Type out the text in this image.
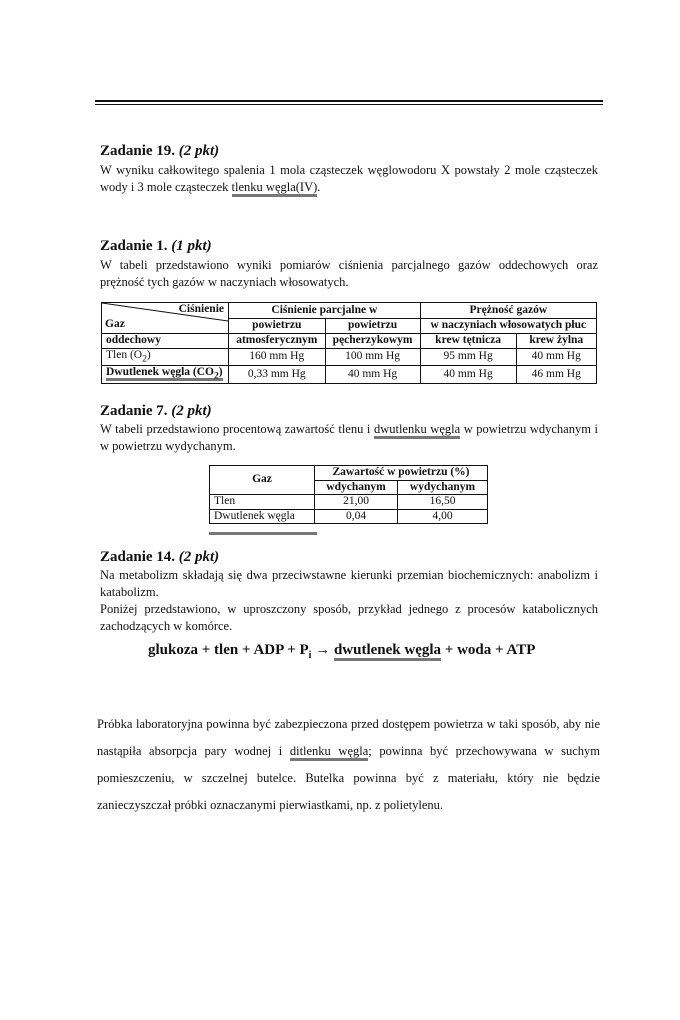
Zadanie 19. (2 pkt)
W wyniku całkowitego spalenia 1 mola cząsteczek węglowodoru X powstały 2 mole cząsteczek wody i 3 mole cząsteczek tlenku węgla(IV).
Zadanie 1. (1 pkt)
W tabeli przedstawiono wyniki pomiarów ciśnienia parcjalnego gazów oddechowych oraz prężność tych gazów w naczyniach włosowatych.
Ciśnienie
Gaz	Ciśnienie parcjalne w		Prężność gazów	
	powietrzu	powietrzu	w naczyniach włosowatych płuc	
oddechowy	atmosferycznym	pęcherzykowym	krew tętnicza	krew żylna
Tlen $(O_2)$	160 mm Hg	100 mm Hg	95 mm Hg	40 mm Hg
Dwutlenek węgla $(CO_2)$	0,33 mm Hg	40 mm Hg	40 mm Hg	46 mm Hg
Zadanie 7. (2 pkt)
W tabeli przedstawiono procentową zawartość tlenu i dwutlenku węgla w powietrzu wdychanym i w powietrzu wydychanym.
Gaz	Zawartość w powietrzu (%)	
	wdychanym	wydychanym
Tlen	21,00	16,50
Dwutlenek węgla	0,04	4,00
Zadanie 14. (2 pkt)
Na metabolizm składają się dwa przeciwstawne kierunki przemian biochemicznych: anabolizm i katabolizm.
Poniżej przedstawiono, w uproszczony sposób, przykład jednego z procesów katabolicznych zachodzących w komórce.
glukoza + tlen + ADP + $P_i$ → dwutlenek węgla + woda + ATP
Próbka laboratoryjna powinna być zabezpieczona przed dostępem powietrza w taki sposób, aby nie nastąpiła absorpcja pary wodnej i ditlenku węgla; powinna być przechowywana w suchym pomieszczeniu, w szczelnej butelce. Butelka powinna być z materiału, który nie będzie zanieczyszczał próbki oznaczanymi pierwiastkami, np. z polietylenu.
